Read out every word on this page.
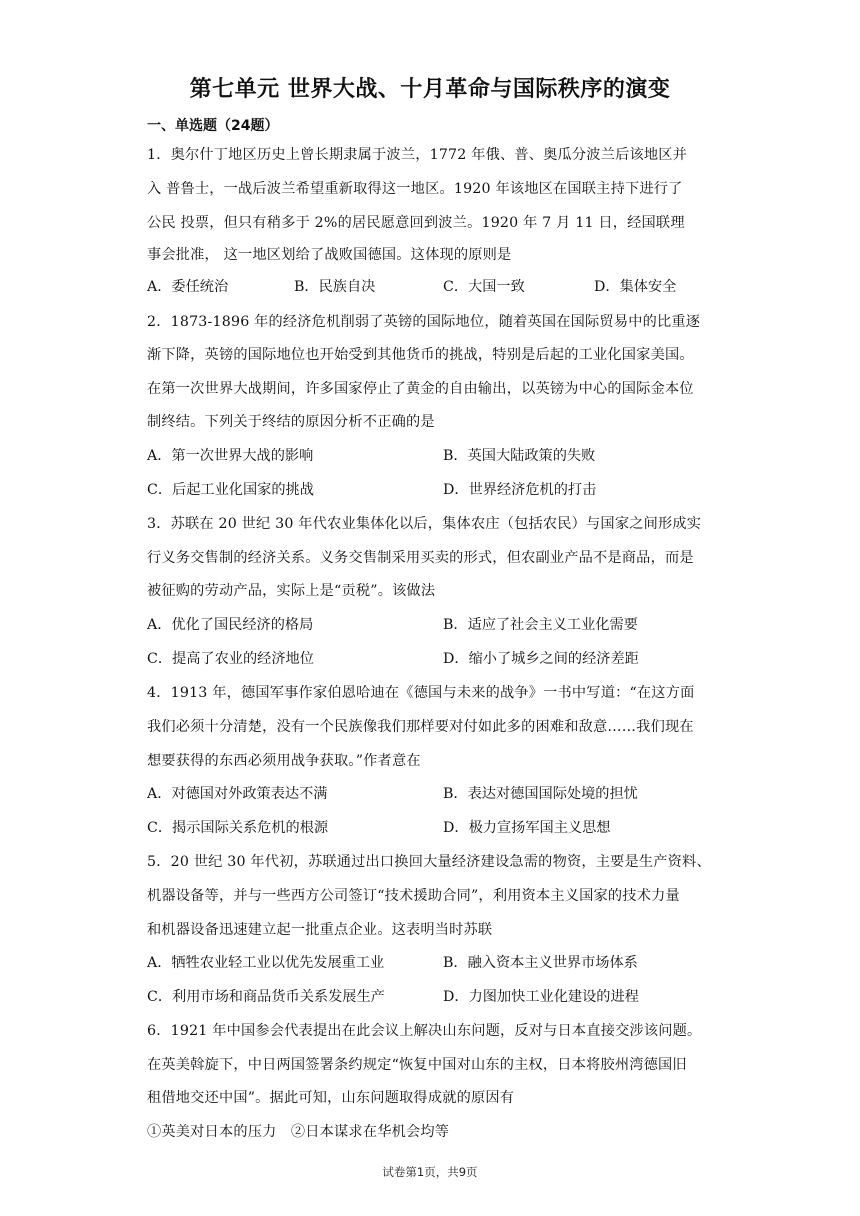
第七单元 世界大战、十月革命与国际秩序的演变
一、单选题（24题）
1．奥尔什丁地区历史上曾长期隶属于波兰，1772 年俄、普、奥瓜分波兰后该地区并
入 普鲁士，一战后波兰希望重新取得这一地区。1920 年该地区在国联主持下进行了
公民 投票，但只有稍多于 2%的居民愿意回到波兰。1920 年 7 月 11 日，经国联理
事会批准， 这一地区划给了战败国德国。这体现的原则是
A．委任统治	B．民族自决	C．大国一致	D．集体安全
2．1873-1896 年的经济危机削弱了英镑的国际地位，随着英国在国际贸易中的比重逐
渐下降，英镑的国际地位也开始受到其他货币的挑战，特别是后起的工业化国家美国。
在第一次世界大战期间，许多国家停止了黄金的自由输出，以英镑为中心的国际金本位
制终结。下列关于终结的原因分析不正确的是
A．第一次世界大战的影响	B．英国大陆政策的失败
C．后起工业化国家的挑战	D．世界经济危机的打击
3．苏联在 20 世纪 30 年代农业集体化以后，集体农庄（包括农民）与国家之间形成实
行义务交售制的经济关系。义务交售制采用买卖的形式，但农副业产品不是商品，而是
被征购的劳动产品，实际上是“贡税”。该做法
A．优化了国民经济的格局	B．适应了社会主义工业化需要
C．提高了农业的经济地位	D．缩小了城乡之间的经济差距
4．1913 年，德国军事作家伯恩哈迪在《德国与未来的战争》一书中写道：“在这方面
我们必须十分清楚，没有一个民族像我们那样要对付如此多的困难和敌意……我们现在
想要获得的东西必须用战争获取。”作者意在
A．对德国对外政策表达不满	B．表达对德国国际处境的担忧
C．揭示国际关系危机的根源	D．极力宣扬军国主义思想
5．20 世纪 30 年代初，苏联通过出口换回大量经济建设急需的物资，主要是生产资料、
机器设备等，并与一些西方公司签订“技术援助合同”，利用资本主义国家的技术力量
和机器设备迅速建立起一批重点企业。这表明当时苏联
A．牺牲农业轻工业以优先发展重工业	B．融入资本主义世界市场体系
C．利用市场和商品货币关系发展生产	D．力图加快工业化建设的进程
6．1921 年中国参会代表提出在此会议上解决山东问题，反对与日本直接交涉该问题。
在英美斡旋下，中日两国签署条约规定“恢复中国对山东的主权，日本将胶州湾德国旧
租借地交还中国”。据此可知，山东问题取得成就的原因有
①英美对日本的压力　②日本谋求在华机会均等
试卷第1页，共9页
